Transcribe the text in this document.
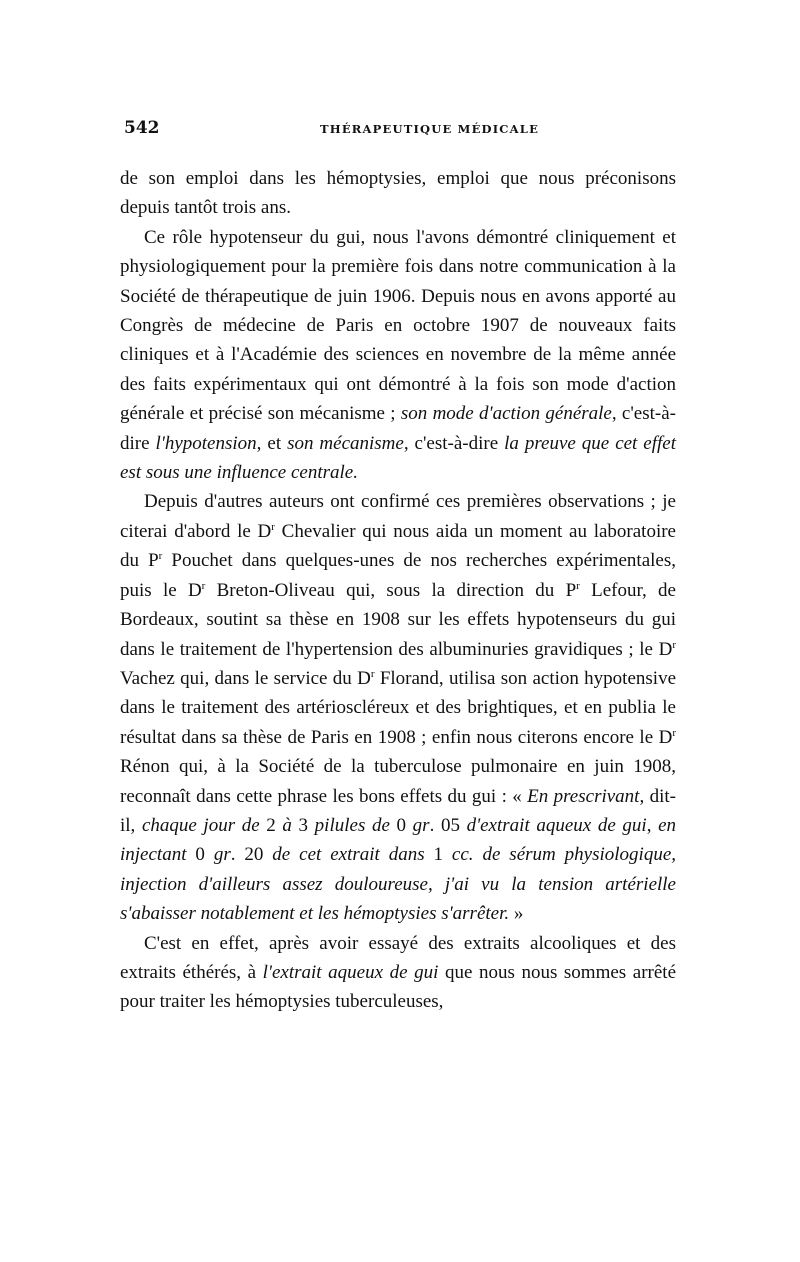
542	THÉRAPEUTIQUE MÉDICALE

de son emploi dans les hémoptysies, emploi que nous préconisons depuis tantôt trois ans.

Ce rôle hypotenseur du gui, nous l'avons démontré cliniquement et physiologiquement pour la première fois dans notre communication à la Société de thérapeutique de juin 1906. Depuis nous en avons apporté au Congrès de médecine de Paris en octobre 1907 de nouveaux faits cliniques et à l'Académie des sciences en novembre de la même année des faits expérimentaux qui ont démontré à la fois son mode d'action générale et précisé son mécanisme ; son mode d'action générale, c'est-à-dire l'hypotension, et son mécanisme, c'est-à-dire la preuve que cet effet est sous une influence centrale.

Depuis d'autres auteurs ont confirmé ces premières observations ; je citerai d'abord le $D^r$ Chevalier qui nous aida un moment au laboratoire du $P^r$ Pouchet dans quelques-unes de nos recherches expérimentales, puis le $D^r$ Breton-Oliveau qui, sous la direction du $P^r$ Lefour, de Bordeaux, soutint sa thèse en 1908 sur les effets hypotenseurs du gui dans le traitement de l'hypertension des albuminuries gravidiques ; le $D^r$ Vachez qui, dans le service du $D^r$ Florand, utilisa son action hypotensive dans le traitement des artérioscléreux et des brightiques, et en publia le résultat dans sa thèse de Paris en 1908 ; enfin nous citerons encore le $D^r$ Rénon qui, à la Société de la tuberculose pulmonaire en juin 1908, reconnaît dans cette phrase les bons effets du gui : « En prescrivant, dit-il, chaque jour de 2 à 3 pilules de 0 gr. 05 d'extrait aqueux de gui, en injectant 0 gr. 20 de cet extrait dans 1 cc. de sérum physiologique, injection d'ailleurs assez douloureuse, j'ai vu la tension artérielle s'abaisser notablement et les hémoptysies s'arrêter. »

C'est en effet, après avoir essayé des extraits alcooliques et des extraits éthérés, à l'extrait aqueux de gui que nous nous sommes arrêté pour traiter les hémoptysies tuberculeuses,
